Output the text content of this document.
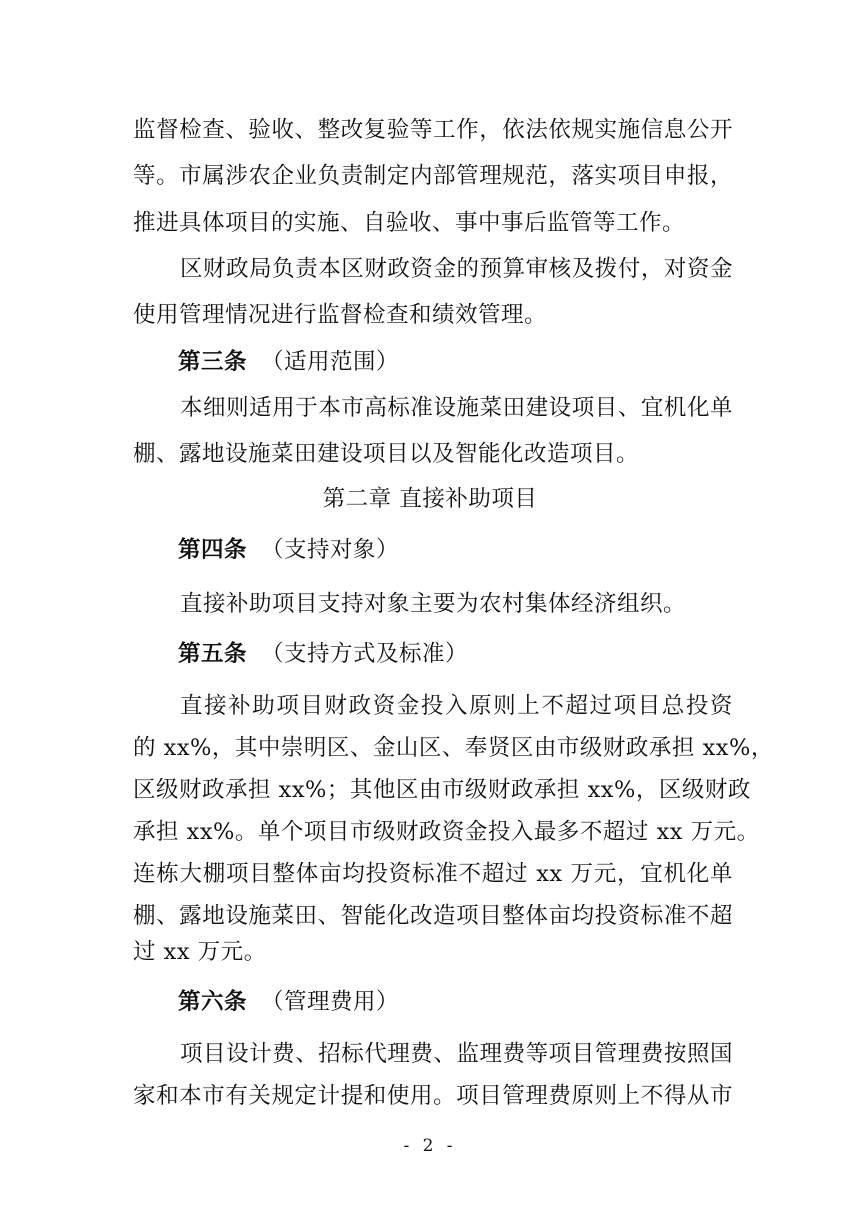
监督检查、验收、整改复验等工作，依法依规实施信息公开
等。市属涉农企业负责制定内部管理规范，落实项目申报，
推进具体项目的实施、自验收、事中事后监管等工作。
区财政局负责本区财政资金的预算审核及拨付，对资金
使用管理情况进行监督检查和绩效管理。
第三条 （适用范围）
本细则适用于本市高标准设施菜田建设项目、宜机化单
棚、露地设施菜田建设项目以及智能化改造项目。
第二章 直接补助项目
第四条 （支持对象）
直接补助项目支持对象主要为农村集体经济组织。
第五条 （支持方式及标准）
直接补助项目财政资金投入原则上不超过项目总投资
的 xx%，其中崇明区、金山区、奉贤区由市级财政承担 xx%，
区级财政承担 xx%；其他区由市级财政承担 xx%，区级财政
承担 xx%。单个项目市级财政资金投入最多不超过 xx 万元。
连栋大棚项目整体亩均投资标准不超过 xx 万元，宜机化单
棚、露地设施菜田、智能化改造项目整体亩均投资标准不超
过 xx 万元。
第六条 （管理费用）
项目设计费、招标代理费、监理费等项目管理费按照国
家和本市有关规定计提和使用。项目管理费原则上不得从市
- 2 -
